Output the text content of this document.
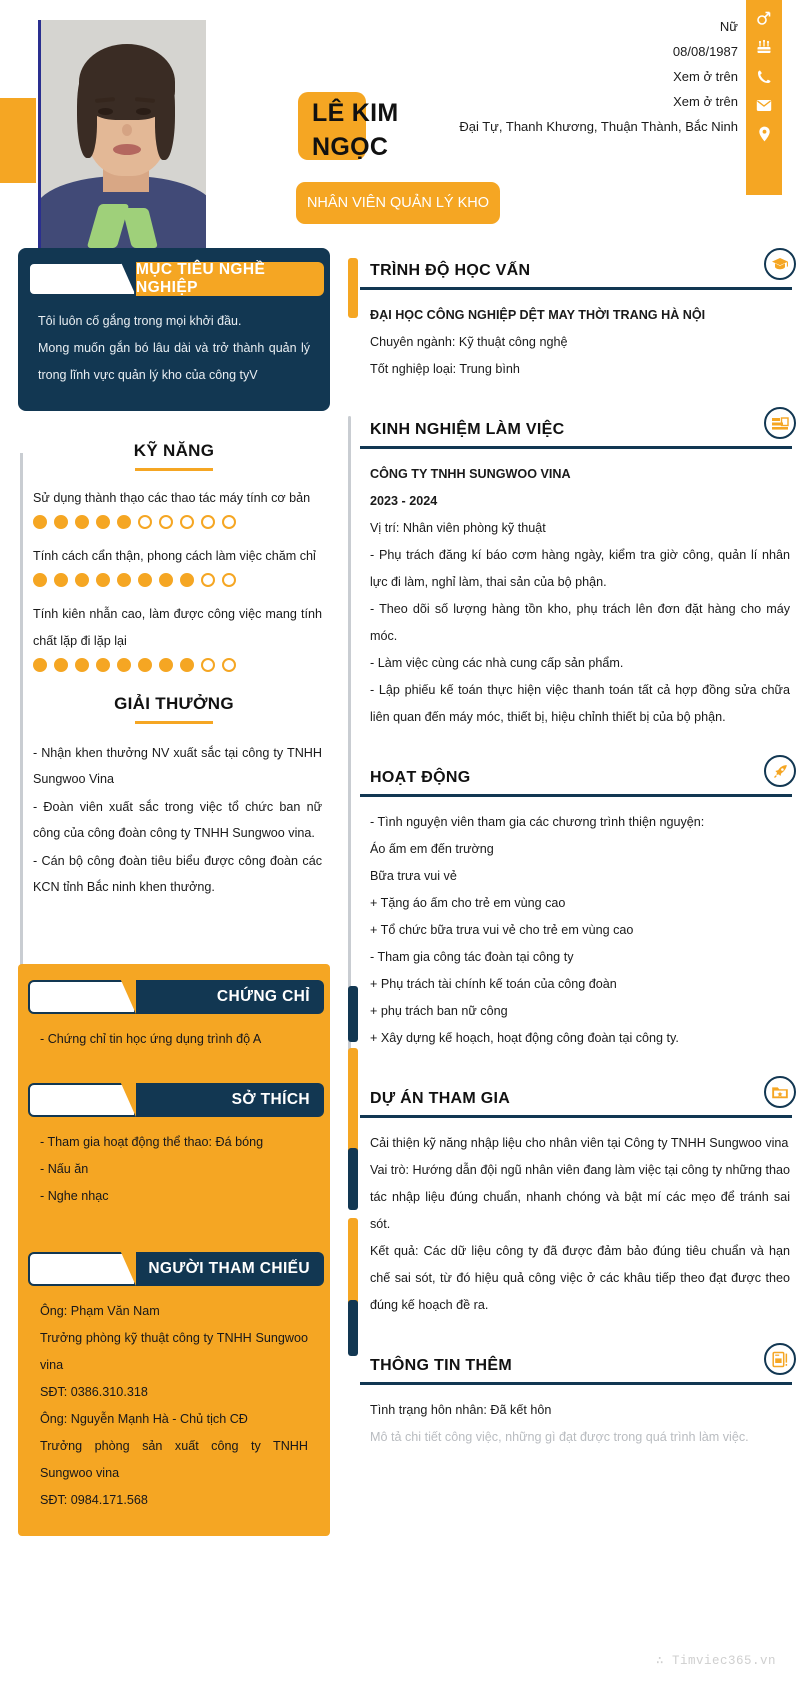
LÊ KIM
NGỌC
NHÂN VIÊN QUẢN LÝ KHO
Nữ
08/08/1987
Xem ở trên
Xem ở trên
Đại Tự, Thanh Khương, Thuận Thành, Bắc Ninh
MỤC TIÊU NGHỀ NGHIỆP
Tôi luôn cố gắng trong mọi khởi đầu.
Mong muốn gắn bó lâu dài và trở thành quản lý trong lĩnh vực quản lý kho của công tyV
KỸ NĂNG
Sử dụng thành thạo các thao tác máy tính cơ bản
Tính cách cẩn thận, phong cách làm việc chăm chỉ
Tính kiên nhẫn cao, làm được công việc mang tính chất lặp đi lặp lại
GIẢI THƯỞNG
- Nhận khen thưởng NV xuất sắc tại công ty TNHH Sungwoo Vina
- Đoàn viên xuất sắc trong việc tổ chức ban nữ công của công đoàn công ty TNHH Sungwoo vina.
- Cán bộ công đoàn tiêu biểu được công đoàn các KCN tỉnh Bắc ninh khen thưởng.
CHỨNG CHỈ
- Chứng chỉ tin học ứng dụng trình độ A
SỞ THÍCH
- Tham gia hoạt động thể thao: Đá bóng
- Nấu ăn
- Nghe nhạc
NGƯỜI THAM CHIẾU
Ông: Phạm Văn Nam
Trưởng phòng kỹ thuật công ty TNHH Sungwoo vina
SĐT: 0386.310.318
Ông: Nguyễn Mạnh Hà - Chủ tịch CĐ
Trưởng phòng sản xuất công ty TNHH Sungwoo vina
SĐT: 0984.171.568
TRÌNH ĐỘ HỌC VẤN
ĐẠI HỌC CÔNG NGHIỆP DỆT MAY THỜI TRANG HÀ NỘI
Chuyên ngành: Kỹ thuật công nghệ
Tốt nghiệp loại: Trung bình
KINH NGHIỆM LÀM VIỆC
CÔNG TY TNHH SUNGWOO VINA
2023 - 2024
Vị trí: Nhân viên phòng kỹ thuật
- Phụ trách đăng kí báo cơm hàng ngày, kiểm tra giờ công, quản lí nhân lực đi làm, nghỉ làm, thai sản của bộ phận.
- Theo dõi số lượng hàng tồn kho, phụ trách lên đơn đặt hàng cho máy móc.
- Làm việc cùng các nhà cung cấp sản phẩm.
- Lập phiếu kế toán thực hiện việc thanh toán tất cả hợp đồng sửa chữa liên quan đến máy móc, thiết bị, hiệu chỉnh thiết bị của bộ phận.
HOẠT ĐỘNG
- Tình nguyện viên tham gia các chương trình thiện nguyện:
Áo ấm em đến trường
Bữa trưa vui vẻ
+ Tặng áo ấm cho trẻ em vùng cao
+ Tổ chức bữa trưa vui vẻ cho trẻ em vùng cao
- Tham gia công tác đoàn tại công ty
+ Phụ trách tài chính kế toán của công đoàn
+ phụ trách ban nữ công
+ Xây dựng kế hoạch, hoạt động công đoàn tại công ty.
DỰ ÁN THAM GIA
Cải thiện kỹ năng nhập liệu cho nhân viên tại Công ty TNHH Sungwoo vina
Vai trò: Hướng dẫn đội ngũ nhân viên đang làm việc tại công ty những thao tác nhập liệu đúng chuẩn, nhanh chóng và bật mí các mẹo để tránh sai sót.
Kết quả: Các dữ liệu công ty đã được đảm bảo đúng tiêu chuẩn và hạn chế sai sót, từ đó hiệu quả công việc ở các khâu tiếp theo đạt được theo đúng kế hoạch đề ra.
THÔNG TIN THÊM
Tình trạng hôn nhân: Đã kết hôn
Mô tả chi tiết công việc, những gì đạt được trong quá trình làm việc.
∴ Timviec365.vn
